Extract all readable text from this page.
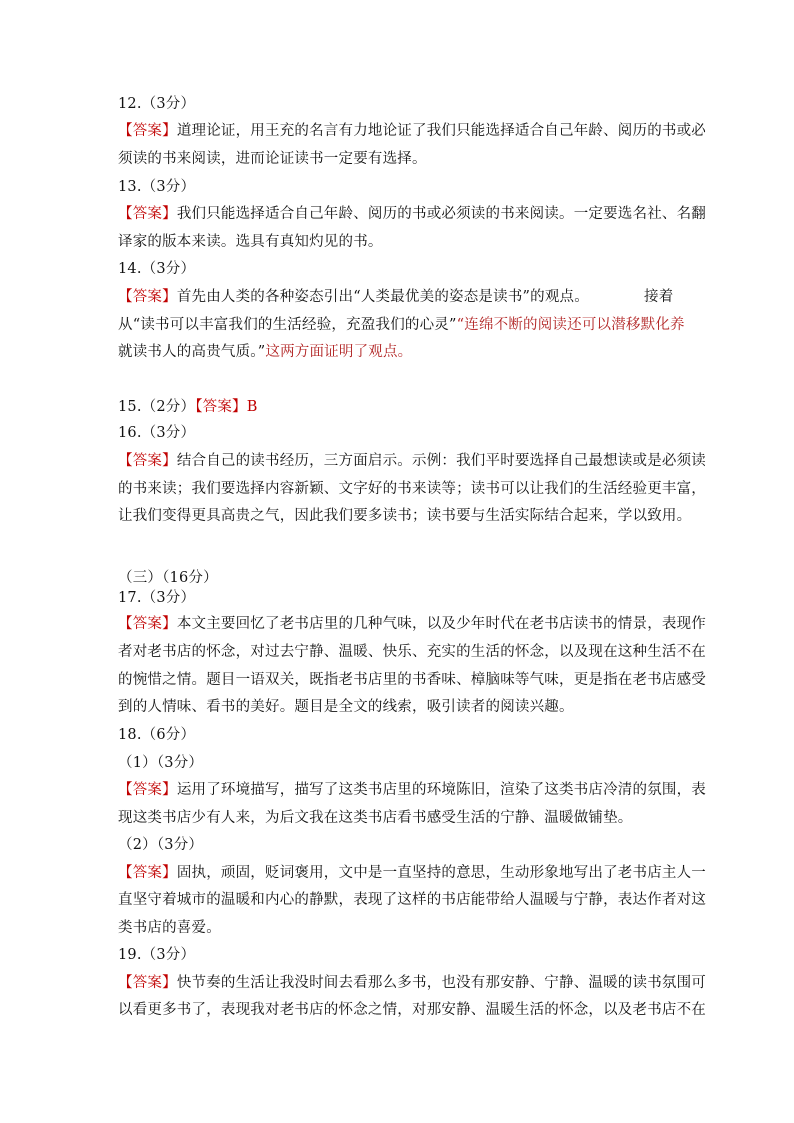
12.（3分）
【答案】道理论证，用王充的名言有力地论证了我们只能选择适合自己年龄、阅历的书或必
须读的书来阅读，进而论证读书一定要有选择。
13.（3分）
【答案】我们只能选择适合自己年龄、阅历的书或必须读的书来阅读。一定要选名社、名翻
译家的版本来读。选具有真知灼见的书。
14.（3分）
【答案】首先由人类的各种姿态引出“人类最优美的姿态是读书”的观点。	接着
从“读书可以丰富我们的生活经验，充盈我们的心灵”“连绵不断的阅读还可以潜移默化养
就读书人的高贵气质。”这两方面证明了观点。
15.（2分）【答案】B
16.（3分）
【答案】结合自己的读书经历，三方面启示。示例：我们平时要选择自己最想读或是必须读
的书来读；我们要选择内容新颖、文字好的书来读等；读书可以让我们的生活经验更丰富，
让我们变得更具高贵之气，因此我们要多读书；读书要与生活实际结合起来，学以致用。
（三）（16分）
17.（3分）
【答案】本文主要回忆了老书店里的几种气味，以及少年时代在老书店读书的情景，表现作
者对老书店的怀念，对过去宁静、温暖、快乐、充实的生活的怀念，以及现在这种生活不在
的惋惜之情。题目一语双关，既指老书店里的书香味、樟脑味等气味，更是指在老书店感受
到的人情味、看书的美好。题目是全文的线索，吸引读者的阅读兴趣。
18.（6分）
（1）（3分）
【答案】运用了环境描写，描写了这类书店里的环境陈旧，渲染了这类书店冷清的氛围，表
现这类书店少有人来，为后文我在这类书店看书感受生活的宁静、温暖做铺垫。
（2）（3分）
【答案】固执，顽固，贬词褒用，文中是一直坚持的意思，生动形象地写出了老书店主人一
直坚守着城市的温暖和内心的静默，表现了这样的书店能带给人温暖与宁静，表达作者对这
类书店的喜爱。
19.（3分）
【答案】快节奏的生活让我没时间去看那么多书，也没有那安静、宁静、温暖的读书氛围可
以看更多书了，表现我对老书店的怀念之情，对那安静、温暖生活的怀念，以及老书店不在
